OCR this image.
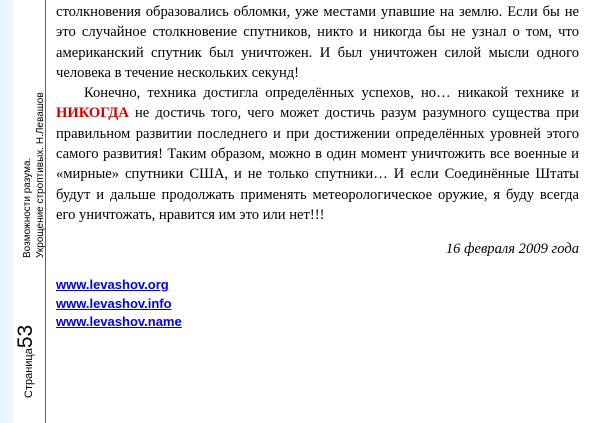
Возможности разума. Укрощение строптивых. Н.Левашов
Страница53

столкновения образовались обломки, уже местами упавшие на землю. Если бы не это случайное столкновение спутников, никто и никогда бы не узнал о том, что американский спутник был уничтожен. И был уничтожен силой мысли одного человека в течение нескольких секунд!

Конечно, техника достигла определённых успехов, но… никакой технике и НИКОГДА не достичь того, чего может достичь разум разумного существа при правильном развитии последнего и при достижении определённых уровней этого самого развития! Таким образом, можно в один момент уничтожить все военные и «мирные» спутники США, и не только спутники… И если Соединённые Штаты будут и дальше продолжать применять метеорологическое оружие, я буду всегда его уничтожать, нравится им это или нет!!!

16 февраля 2009 года
www.levashov.org
www.levashov.info
www.levashov.name
